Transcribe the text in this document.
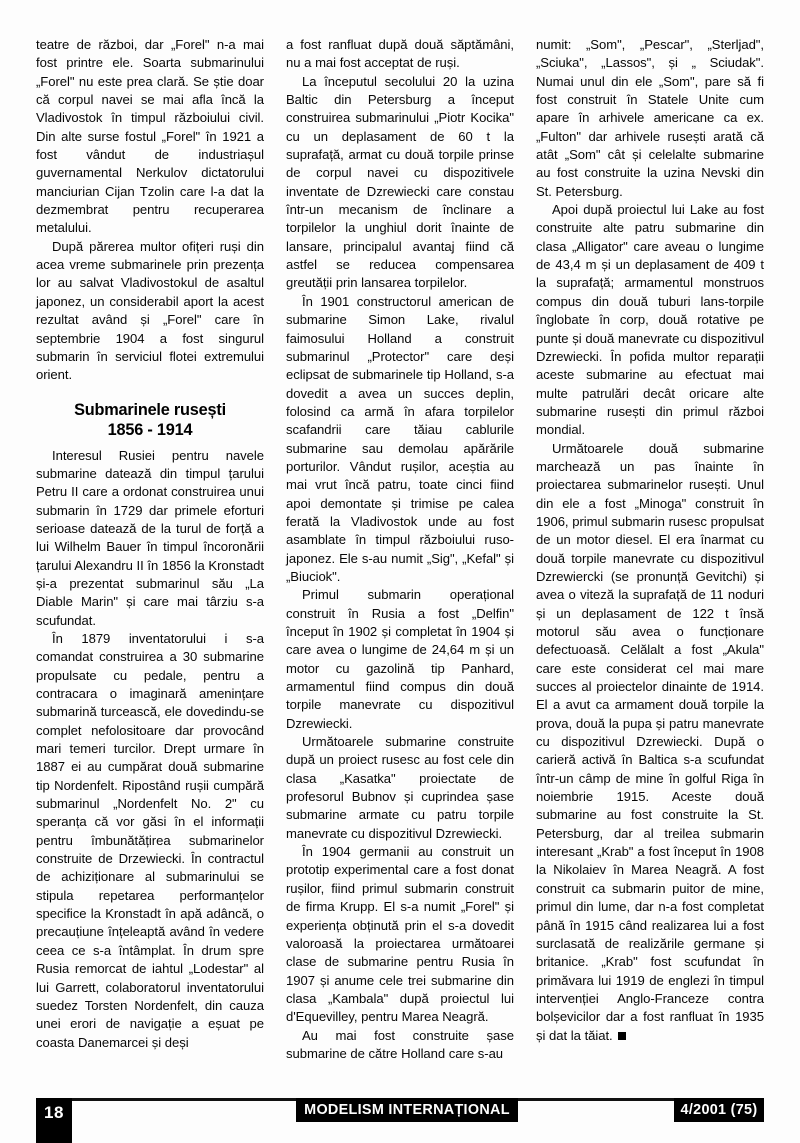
teatre de război, dar „Forel" n-a mai fost printre ele. Soarta submarinului „Forel" nu este prea clară. Se știe doar că corpul navei se mai afla încă la Vladivostok în timpul războiului civil. Din alte surse fostul „Forel" în 1921 a fost vândut de industriașul guvernamental Nerkulov dictatorului manciurian Cijan Tzolin care l-a dat la dezmembrat pentru recuperarea metalului.

După părerea multor ofițeri ruși din acea vreme submarinele prin prezența lor au salvat Vladivostokul de asaltul japonez, un considerabil aport la acest rezultat având și „Forel" care în septembrie 1904 a fost singurul submarin în serviciul flotei extremului orient.

Submarinele rusești
1856 - 1914

Interesul Rusiei pentru navele submarine datează din timpul țarului Petru II care a ordonat construirea unui submarin în 1729 dar primele eforturi serioase datează de la turul de forță a lui Wilhelm Bauer în timpul încoronării țarului Alexandru II în 1856 la Kronstadt și-a prezentat submarinul său „La Diable Marin" și care mai târziu s-a scufundat.

În 1879 inventatorului i s-a comandat construirea a 30 submarine propulsate cu pedale, pentru a contracara o imaginară amenințare submarină turcească, ele dovedindu-se complet nefolositoare dar provocând mari temeri turcilor. Drept urmare în 1887 ei au cumpărat două submarine tip Nordenfelt. Ripostând rușii cumpără submarinul „Nordenfelt No. 2" cu speranța că vor găsi în el informații pentru îmbunătățirea submarinelor construite de Drzewiecki. În contractul de achiziționare al submarinului se stipula repetarea performanțelor specifice la Kronstadt în apă adâncă, o precauțiune înțeleaptă având în vedere ceea ce s-a întâmplat. În drum spre Rusia remorcat de iahtul „Lodestar" al lui Garrett, colaboratorul inventatorului suedez Torsten Nordenfelt, din cauza unei erori de navigație a eșuat pe coasta Danemarcei și deși

a fost ranfluat după două săptămâni, nu a mai fost acceptat de ruși.

La începutul secolului 20 la uzina Baltic din Petersburg a început construirea submarinului „Piotr Kocika" cu un deplasament de 60 t la suprafață, armat cu două torpile prinse de corpul navei cu dispozitivele inventate de Dzrewiecki care constau într-un mecanism de înclinare a torpilelor la unghiul dorit înainte de lansare, principalul avantaj fiind că astfel se reducea compensarea greutății prin lansarea torpilelor.

În 1901 constructorul american de submarine Simon Lake, rivalul faimosului Holland a construit submarinul „Protector" care deși eclipsat de submarinele tip Holland, s-a dovedit a avea un succes deplin, folosind ca armă în afara torpilelor scafandrii care tăiau cablurile submarine sau demolau apărările porturilor. Vândut rușilor, aceștia au mai vrut încă patru, toate cinci fiind apoi demontate și trimise pe calea ferată la Vladivostok unde au fost asamblate în timpul războiului ruso-japonez. Ele s-au numit „Sig", „Kefal" și „Biuciok".

Primul submarin operațional construit în Rusia a fost „Delfin" început în 1902 și completat în 1904 și care avea o lungime de 24,64 m și un motor cu gazolină tip Panhard, armamentul fiind compus din două torpile manevrate cu dispozitivul Dzrewiecki.

Următoarele submarine construite după un proiect rusesc au fost cele din clasa „Kasatka" proiectate de profesorul Bubnov și cuprindea șase submarine armate cu patru torpile manevrate cu dispozitivul Dzrewiecki.

În 1904 germanii au construit un prototip experimental care a fost donat rușilor, fiind primul submarin construit de firma Krupp. El s-a numit „Forel" și experiența obținută prin el s-a dovedit valoroasă la proiectarea următoarei clase de submarine pentru Rusia în 1907 și anume cele trei submarine din clasa „Kambala" după proiectul lui d'Equevilley, pentru Marea Neagră.

Au mai fost construite șase submarine de către Holland care s-au

numit: „Som", „Pescar", „Sterljad", „Sciuka", „Lassos", și „ Sciudak". Numai unul din ele „Som", pare să fi fost construit în Statele Unite cum apare în arhivele americane ca ex. „Fulton" dar arhivele rusești arată că atât „Som" cât și celelalte submarine au fost construite la uzina Nevski din St. Petersburg.

Apoi după proiectul lui Lake au fost construite alte patru submarine din clasa „Alligator" care aveau o lungime de 43,4 m și un deplasament de 409 t la suprafață; armamentul monstruos compus din două tuburi lans-torpile înglobate în corp, două rotative pe punte și două manevrate cu dispozitivul Dzrewiecki. În pofida multor reparații aceste submarine au efectuat mai multe patrulări decât oricare alte submarine rusești din primul război mondial.

Următoarele două submarine marchează un pas înainte în proiectarea submarinelor rusești. Unul din ele a fost „Minoga" construit în 1906, primul submarin rusesc propulsat de un motor diesel. El era înarmat cu două torpile manevrate cu dispozitivul Dzrewiercki (se pronunță Gevitchi) și avea o viteză la suprafață de 11 noduri și un deplasament de 122 t însă motorul său avea o funcționare defectuoasă. Celălalt a fost „Akula" care este considerat cel mai mare succes al proiectelor dinainte de 1914. El a avut ca armament două torpile la prova, două la pupa și patru manevrate cu dispozitivul Dzrewiecki. După o carieră activă în Baltica s-a scufundat într-un câmp de mine în golful Riga în noiembrie 1915. Aceste două submarine au fost construite la St. Petersburg, dar al treilea submarin interesant „Krab" a fost început în 1908 la Nikolaiev în Marea Neagră. A fost construit ca submarin puitor de mine, primul din lume, dar n-a fost completat până în 1915 când realizarea lui a fost surclasată de realizările germane și britanice. „Krab" fost scufundat în primăvara lui 1919 de englezi în timpul intervenției Anglo-Franceze contra bolșevicilor dar a fost ranfluat în 1935 și dat la tăiat.

18	MODELISM INTERNAȚIONAL	4/2001 (75)
